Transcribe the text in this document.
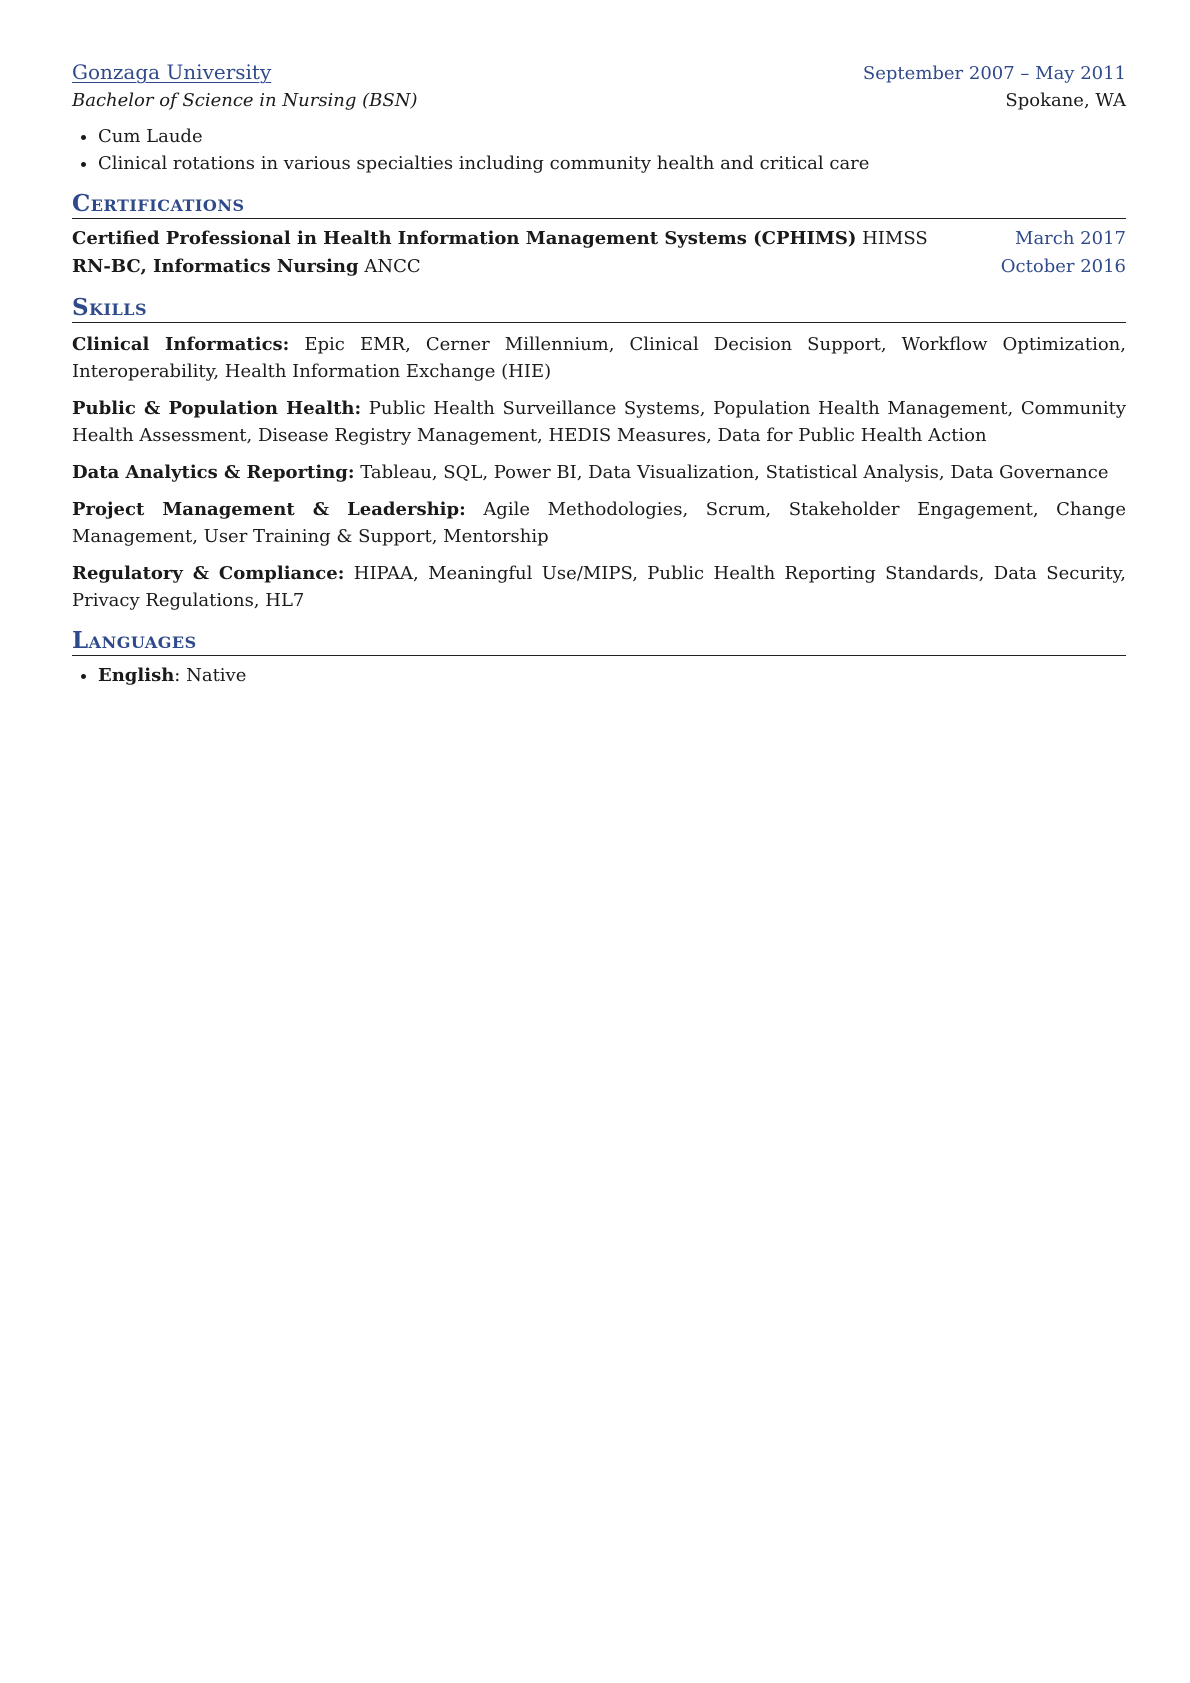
Gonzaga University	September 2007 – May 2011
Bachelor of Science in Nursing (BSN)	Spokane, WA
• Cum Laude
• Clinical rotations in various specialties including community health and critical care
Certifications
Certified Professional in Health Information Management Systems (CPHIMS) HIMSS	March 2017
RN-BC, Informatics Nursing ANCC	October 2016
Skills
Clinical Informatics: Epic EMR, Cerner Millennium, Clinical Decision Support, Workflow Optimization, Interoperability, Health Information Exchange (HIE)
Public & Population Health: Public Health Surveillance Systems, Population Health Management, Community Health Assessment, Disease Registry Management, HEDIS Measures, Data for Public Health Action
Data Analytics & Reporting: Tableau, SQL, Power BI, Data Visualization, Statistical Analysis, Data Governance
Project Management & Leadership: Agile Methodologies, Scrum, Stakeholder Engagement, Change Management, User Training & Support, Mentorship
Regulatory & Compliance: HIPAA, Meaningful Use/MIPS, Public Health Reporting Standards, Data Security, Privacy Regulations, HL7
Languages
• English: Native
